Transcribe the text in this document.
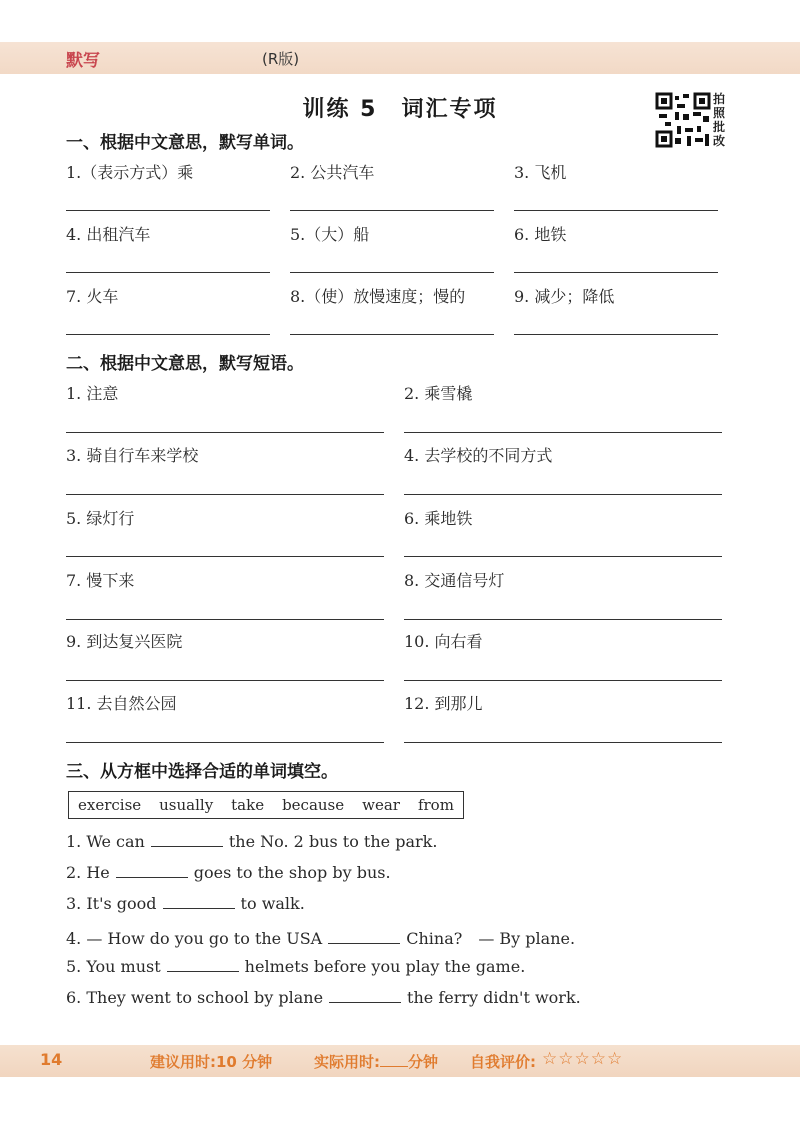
默写	(R版)
训练 5　词汇专项	拍
照
批
改
一、根据中文意思，默写单词。
1.（表示方式）乘	2. 公共汽车	3. 飞机
4. 出租汽车	5.（大）船	6. 地铁
7. 火车	8.（使）放慢速度；慢的	9. 减少；降低
二、根据中文意思，默写短语。
1. 注意	2. 乘雪橇
3. 骑自行车来学校	4. 去学校的不同方式
5. 绿灯行	6. 乘地铁
7. 慢下来	8. 交通信号灯
9. 到达复兴医院	10. 向右看
11. 去自然公园	12. 到那儿
三、从方框中选择合适的单词填空。
exercise usually take because wear from
1. We can	the No. 2 bus to the park.
2. He	goes to the shop by bus.
3. It's good	to walk.
4. — How do you go to the USA	China?　— By plane.
5. You must	helmets before you play the game.
6. They went to school by plane	the ferry didn't work.
14	建议用时:10 分钟	实际用时: 分钟 自我评价: ☆☆☆☆☆
